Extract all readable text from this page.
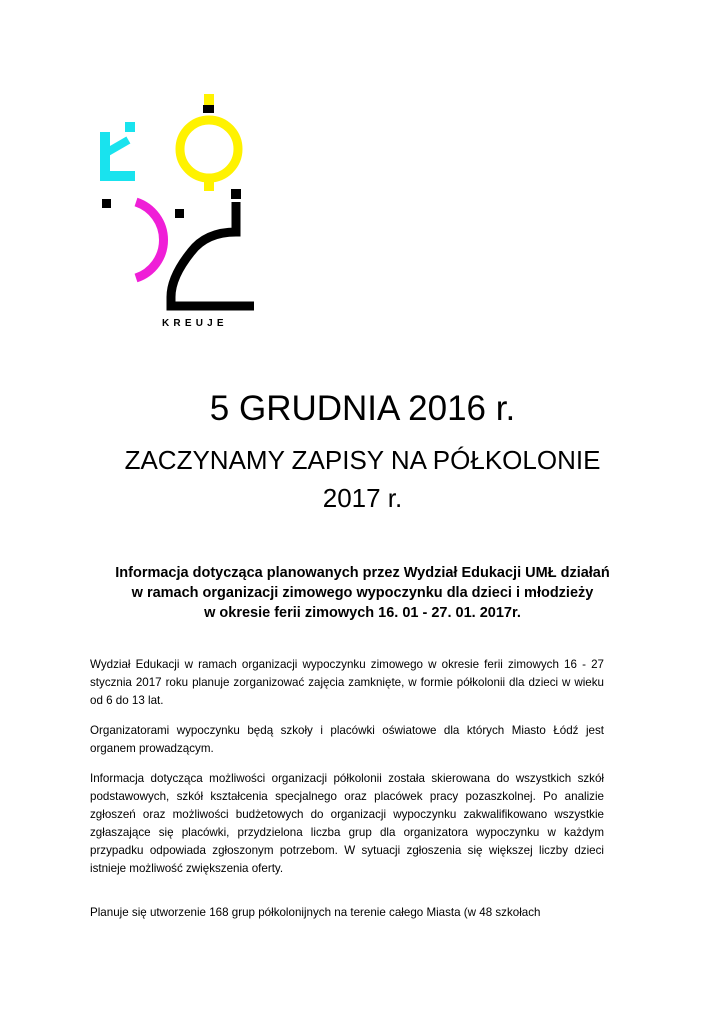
KREUJE
5 GRUDNIA 2016 r.
ZACZYNAMY ZAPISY NA PÓŁKOLONIE
2017 r.
Informacja dotycząca planowanych przez Wydział Edukacji UMŁ działań
w ramach organizacji zimowego wypoczynku dla dzieci i młodzieży
w okresie ferii zimowych 16. 01 - 27. 01. 2017r.
Wydział Edukacji w ramach organizacji wypoczynku zimowego w okresie ferii zimowych 16 - 27 stycznia 2017 roku planuje zorganizować zajęcia zamknięte, w formie półkolonii dla dzieci w wieku od 6 do 13 lat.
Organizatorami wypoczynku będą szkoły i placówki oświatowe dla których Miasto Łódź jest organem prowadzącym.
Informacja dotycząca możliwości organizacji półkolonii została skierowana do wszystkich szkół podstawowych, szkół kształcenia specjalnego oraz placówek pracy pozaszkolnej. Po analizie zgłoszeń oraz możliwości budżetowych do organizacji wypoczynku zakwalifikowano wszystkie zgłaszające się placówki, przydzielona liczba grup dla organizatora wypoczynku w każdym przypadku odpowiada zgłoszonym potrzebom. W sytuacji zgłoszenia się większej liczby dzieci istnieje możliwość zwiększenia oferty.
Planuje się utworzenie 168 grup półkolonijnych na terenie całego Miasta (w 48 szkołach
